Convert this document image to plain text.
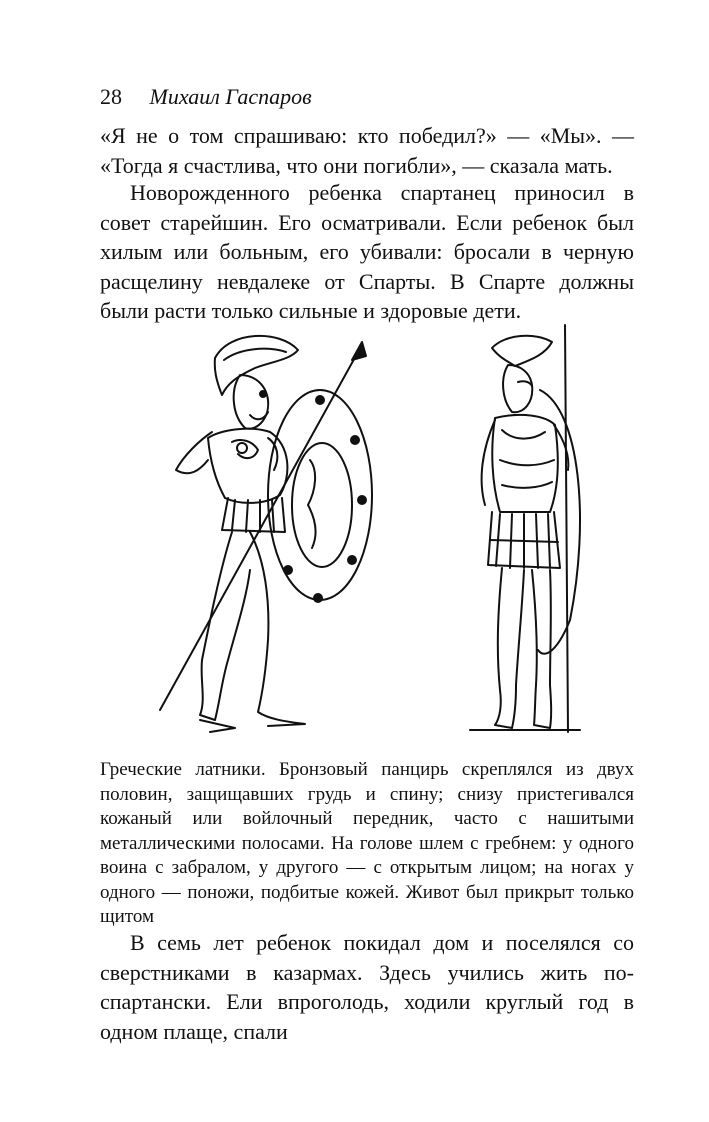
28 Михаил Гаспаров

«Я не о том спрашиваю: кто победил?» — «Мы». — «Тогда я счастлива, что они погибли», — сказала мать.

Новорожденного ребенка спартанец приносил в совет старейшин. Его осматривали. Если ребенок был хилым или больным, его убивали: бросали в черную расщелину невдалеке от Спарты. В Спарте должны были расти только сильные и здоровые дети.

Греческие латники. Бронзовый панцирь скреплялся из двух половин, защищавших грудь и спину; снизу пристегивался кожаный или войлочный передник, часто с нашитыми металлическими полосами. На голове шлем с гребнем: у одного воина с забралом, у другого — с открытым лицом; на ногах у одного — поножи, подбитые кожей. Живот был прикрыт только щитом

В семь лет ребенок покидал дом и поселялся со сверстниками в казармах. Здесь учились жить по-спартански. Ели впроголодь, ходили круглый год в одном плаще, спали
